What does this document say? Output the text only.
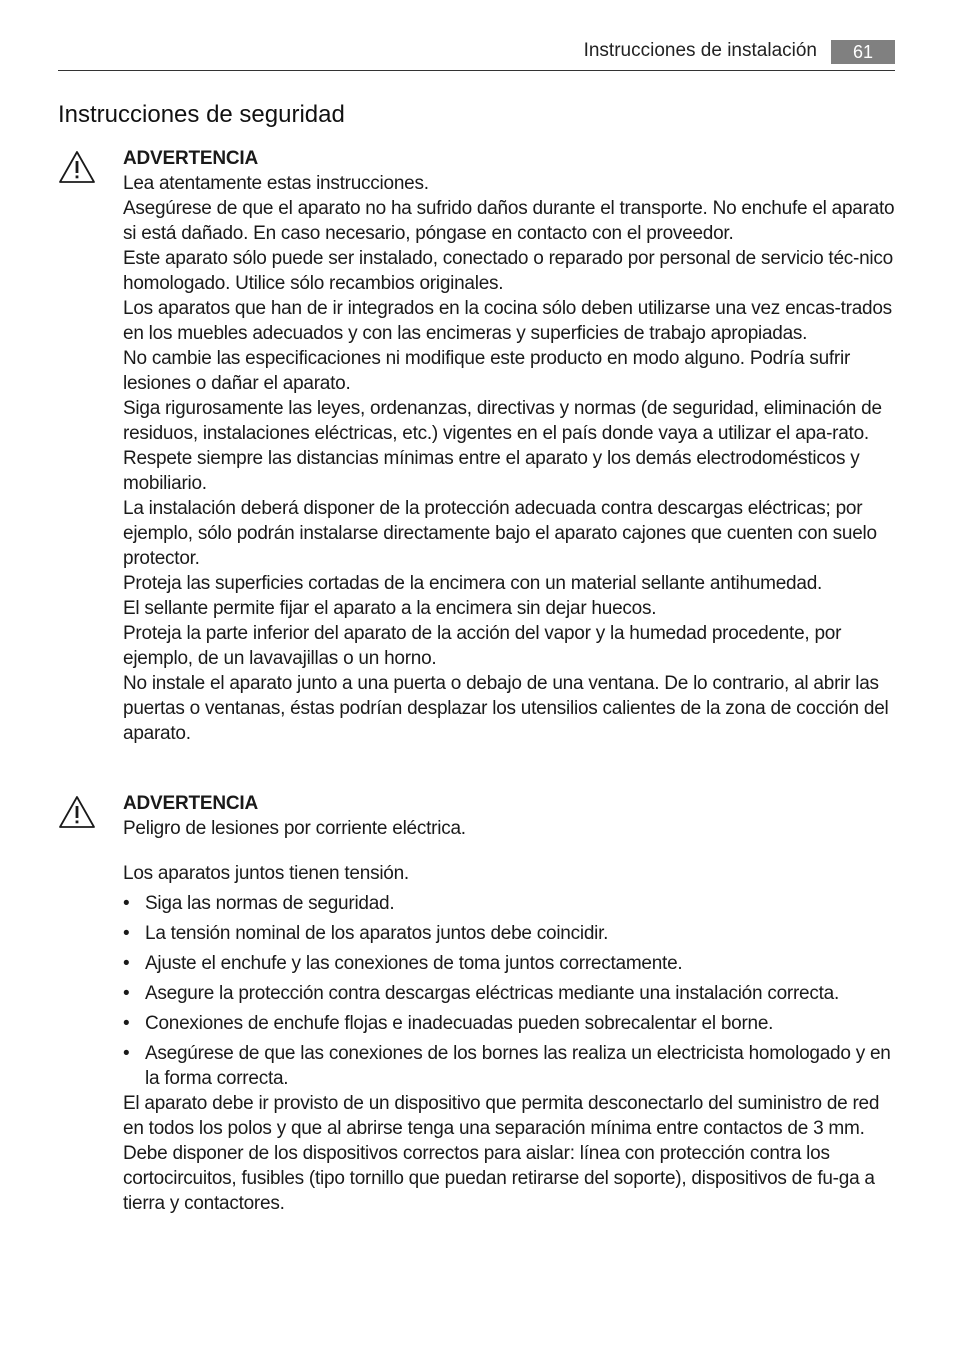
Instrucciones de instalación	61
Instrucciones de seguridad
ADVERTENCIA
Lea atentamente estas instrucciones.
Asegúrese de que el aparato no ha sufrido daños durante el transporte. No enchufe el aparato si está dañado. En caso necesario, póngase en contacto con el proveedor.
Este aparato sólo puede ser instalado, conectado o reparado por personal de servicio téc-nico homologado. Utilice sólo recambios originales.
Los aparatos que han de ir integrados en la cocina sólo deben utilizarse una vez encas-trados en los muebles adecuados y con las encimeras y superficies de trabajo apropiadas.
No cambie las especificaciones ni modifique este producto en modo alguno. Podría sufrir lesiones o dañar el aparato.
Siga rigurosamente las leyes, ordenanzas, directivas y normas (de seguridad, eliminación de residuos, instalaciones eléctricas, etc.) vigentes en el país donde vaya a utilizar el apa-rato.
Respete siempre las distancias mínimas entre el aparato y los demás electrodomésticos y mobiliario.
La instalación deberá disponer de la protección adecuada contra descargas eléctricas; por ejemplo, sólo podrán instalarse directamente bajo el aparato cajones que cuenten con suelo protector.
Proteja las superficies cortadas de la encimera con un material sellante antihumedad.
El sellante permite fijar el aparato a la encimera sin dejar huecos.
Proteja la parte inferior del aparato de la acción del vapor y la humedad procedente, por ejemplo, de un lavavajillas o un horno.
No instale el aparato junto a una puerta o debajo de una ventana. De lo contrario, al abrir las puertas o ventanas, éstas podrían desplazar los utensilios calientes de la zona de cocción del aparato.
ADVERTENCIA
Peligro de lesiones por corriente eléctrica.
Los aparatos juntos tienen tensión.
• Siga las normas de seguridad.
• La tensión nominal de los aparatos juntos debe coincidir.
• Ajuste el enchufe y las conexiones de toma juntos correctamente.
• Asegure la protección contra descargas eléctricas mediante una instalación correcta.
• Conexiones de enchufe flojas e inadecuadas pueden sobrecalentar el borne.
• Asegúrese de que las conexiones de los bornes las realiza un electricista homologado y en la forma correcta.
El aparato debe ir provisto de un dispositivo que permita desconectarlo del suministro de red en todos los polos y que al abrirse tenga una separación mínima entre contactos de 3 mm.
Debe disponer de los dispositivos correctos para aislar: línea con protección contra los cortocircuitos, fusibles (tipo tornillo que puedan retirarse del soporte), dispositivos de fu-ga a tierra y contactores.
